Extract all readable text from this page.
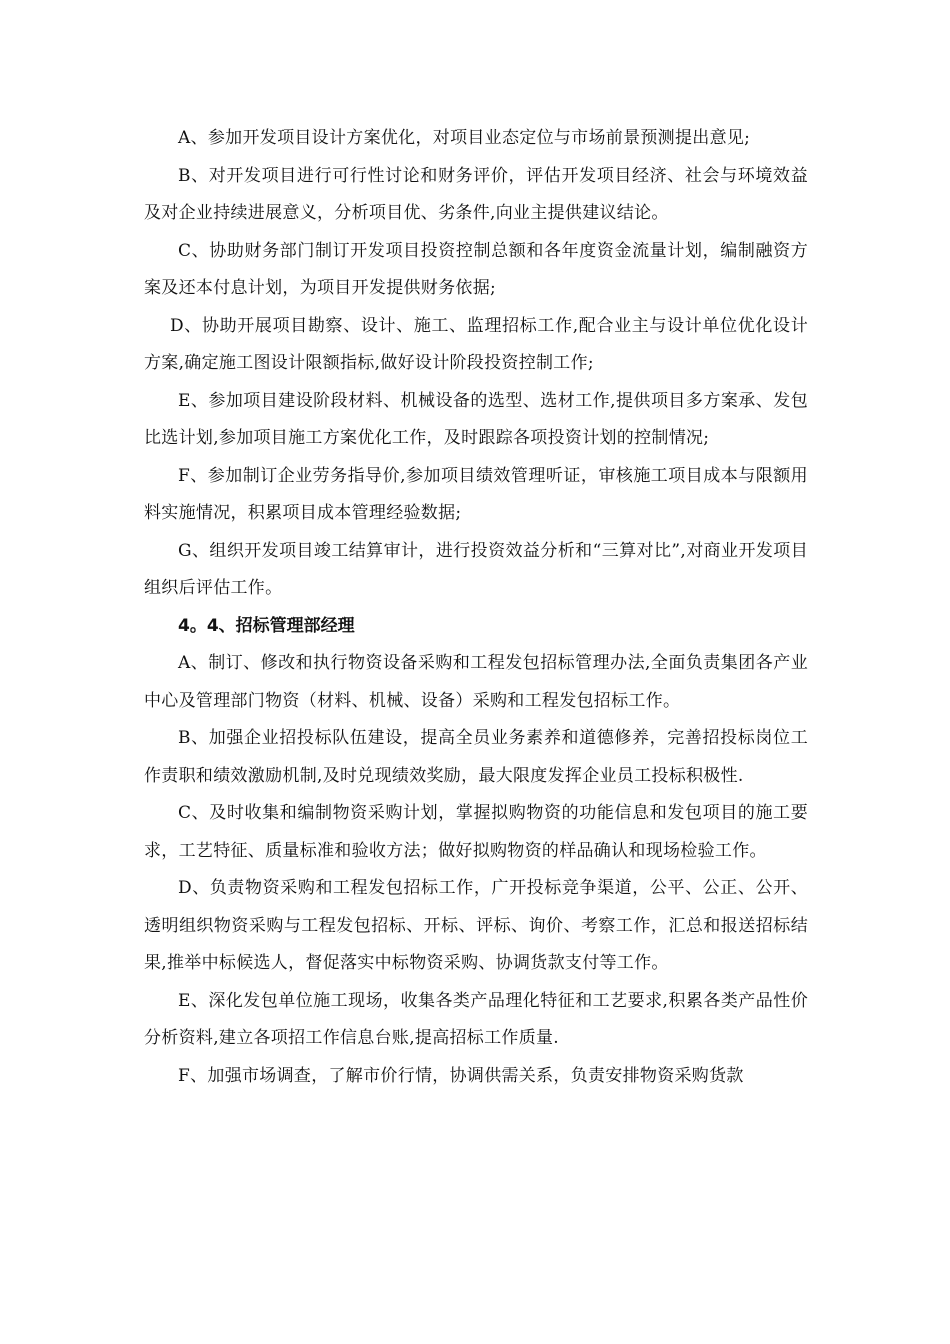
A、参加开发项目设计方案优化，对项目业态定位与市场前景预测提出意见;

B、对开发项目进行可行性讨论和财务评价，评估开发项目经济、社会与环境效益及对企业持续进展意义，分析项目优、劣条件,向业主提供建议结论。

C、协助财务部门制订开发项目投资控制总额和各年度资金流量计划，编制融资方案及还本付息计划，为项目开发提供财务依据;

D、协助开展项目勘察、设计、施工、监理招标工作,配合业主与设计单位优化设计方案,确定施工图设计限额指标,做好设计阶段投资控制工作;

E、参加项目建设阶段材料、机械设备的选型、选材工作,提供项目多方案承、发包比选计划,参加项目施工方案优化工作，及时跟踪各项投资计划的控制情况;

F、参加制订企业劳务指导价,参加项目绩效管理听证，审核施工项目成本与限额用料实施情况，积累项目成本管理经验数据;

G、组织开发项目竣工结算审计，进行投资效益分析和“三算对比”,对商业开发项目组织后评估工作。

4。4、招标管理部经理

A、制订、修改和执行物资设备采购和工程发包招标管理办法,全面负责集团各产业中心及管理部门物资（材料、机械、设备）采购和工程发包招标工作。

B、加强企业招投标队伍建设，提高全员业务素养和道德修养，完善招投标岗位工作责职和绩效激励机制,及时兑现绩效奖励，最大限度发挥企业员工投标积极性.

C、及时收集和编制物资采购计划，掌握拟购物资的功能信息和发包项目的施工要求，工艺特征、质量标准和验收方法；做好拟购物资的样品确认和现场检验工作。

D、负责物资采购和工程发包招标工作，广开投标竞争渠道，公平、公正、公开、透明组织物资采购与工程发包招标、开标、评标、询价、考察工作，汇总和报送招标结果,推举中标候选人，督促落实中标物资采购、协调货款支付等工作。

E、深化发包单位施工现场，收集各类产品理化特征和工艺要求,积累各类产品性价分析资料,建立各项招工作信息台账,提高招标工作质量.

F、加强市场调查，了解市价行情，协调供需关系，负责安排物资采购货款
